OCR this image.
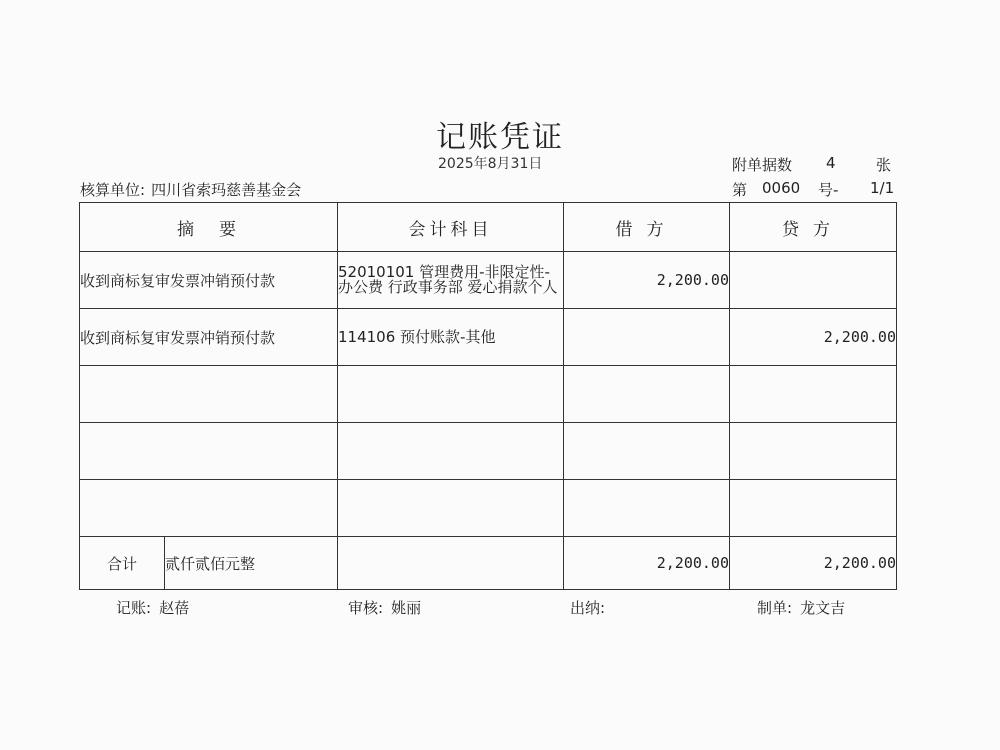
记账凭证
2025年8月31日	附单据数	4	张
核算单位: 四川省索玛慈善基金会	第 0060	号-	1/1
摘　要	会计科目	借方	贷方
收到商标复审发票冲销预付款	52010101 管理费用-非限定性-办公费 行政事务部 爱心捐款个人	2,200.00	
收到商标复审发票冲销预付款	114106 预付账款-其他		2,200.00

合计 贰仟贰佰元整		2,200.00	2,200.00
记账: 赵蓓	审核: 姚丽	出纳:	制单: 龙文吉
